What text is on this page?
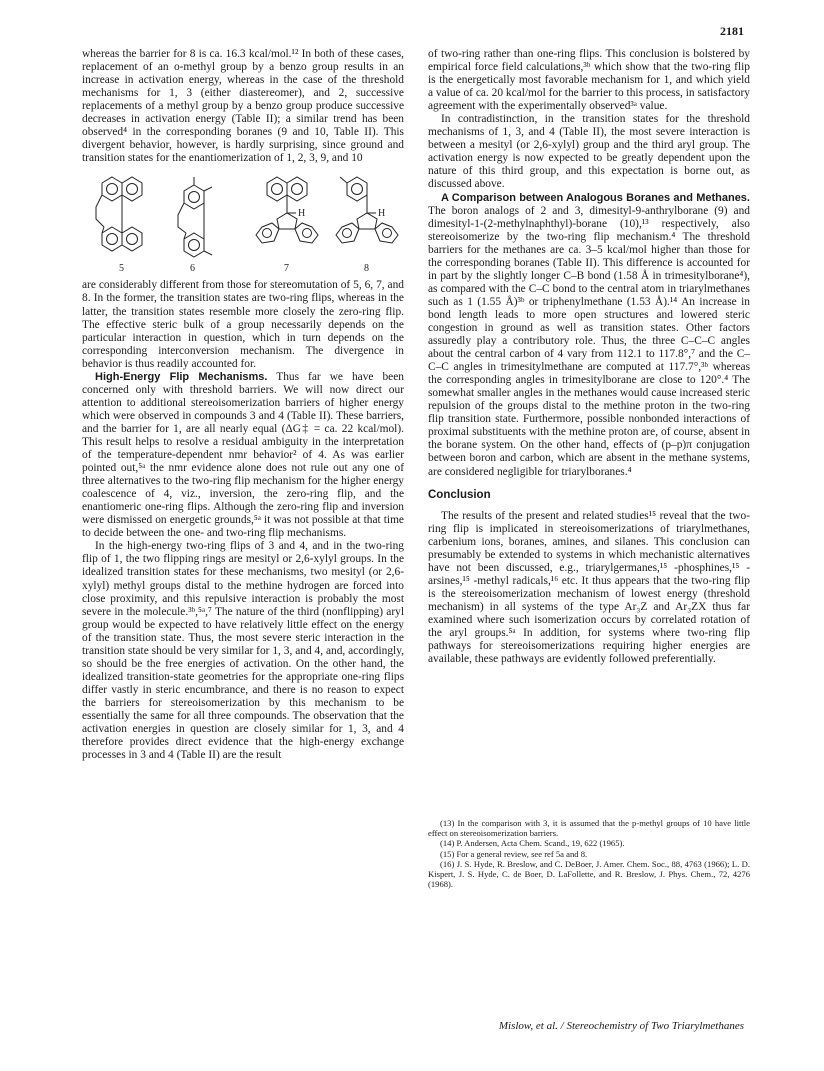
2181

whereas the barrier for 8 is ca. 16.3 kcal/mol.¹² In both of these cases, replacement of an o-methyl group by a benzo group results in an increase in activation energy, whereas in the case of the threshold mechanisms for 1, 3 (either diastereomer), and 2, successive replacements of a methyl group by a benzo group produce successive decreases in activation energy (Table II); a similar trend has been observed⁴ in the corresponding boranes (9 and 10, Table II). This divergent behavior, however, is hardly surprising, since ground and transition states for the enantiomerization of 1, 2, 3, 9, and 10

H	H
5	6	7	8

are considerably different from those for stereomutation of 5, 6, 7, and 8. In the former, the transition states are two-ring flips, whereas in the latter, the transition states resemble more closely the zero-ring flip. The effective steric bulk of a group necessarily depends on the particular interaction in question, which in turn depends on the corresponding interconversion mechanism. The divergence in behavior is thus readily accounted for.

High-Energy Flip Mechanisms. Thus far we have been concerned only with threshold barriers. We will now direct our attention to additional stereoisomerization barriers of higher energy which were observed in compounds 3 and 4 (Table II). These barriers, and the barrier for 1, are all nearly equal (ΔG‡ = ca. 22 kcal/mol). This result helps to resolve a residual ambiguity in the interpretation of the temperature-dependent nmr behavior² of 4. As was earlier pointed out,⁵ᵃ the nmr evidence alone does not rule out any one of three alternatives to the two-ring flip mechanism for the higher energy coalescence of 4, viz., inversion, the zero-ring flip, and the enantiomeric one-ring flips. Although the zero-ring flip and inversion were dismissed on energetic grounds,⁵ᵃ it was not possible at that time to decide between the one- and two-ring flip mechanisms.

In the high-energy two-ring flips of 3 and 4, and in the two-ring flip of 1, the two flipping rings are mesityl or 2,6-xylyl groups. In the idealized transition states for these mechanisms, two mesityl (or 2,6-xylyl) methyl groups distal to the methine hydrogen are forced into close proximity, and this repulsive interaction is probably the most severe in the molecule.³ᵇ,⁵ᵃ,⁷ The nature of the third (nonflipping) aryl group would be expected to have relatively little effect on the energy of the transition state. Thus, the most severe steric interaction in the transition state should be very similar for 1, 3, and 4, and, accordingly, so should be the free energies of activation. On the other hand, the idealized transition-state geometries for the appropriate one-ring flips differ vastly in steric encumbrance, and there is no reason to expect the barriers for stereoisomerization by this mechanism to be essentially the same for all three compounds. The observation that the activation energies in question are closely similar for 1, 3, and 4 therefore provides direct evidence that the high-energy exchange processes in 3 and 4 (Table II) are the result

of two-ring rather than one-ring flips. This conclusion is bolstered by empirical force field calculations,³ᵇ which show that the two-ring flip is the energetically most favorable mechanism for 1, and which yield a value of ca. 20 kcal/mol for the barrier to this process, in satisfactory agreement with the experimentally observed³ᵃ value.

In contradistinction, in the transition states for the threshold mechanisms of 1, 3, and 4 (Table II), the most severe interaction is between a mesityl (or 2,6-xylyl) group and the third aryl group. The activation energy is now expected to be greatly dependent upon the nature of this third group, and this expectation is borne out, as discussed above.

A Comparison between Analogous Boranes and Methanes. The boron analogs of 2 and 3, dimesityl-9-anthrylborane (9) and dimesityl-1-(2-methylnaphthyl)-borane (10),¹³ respectively, also stereoisomerize by the two-ring flip mechanism.⁴ The threshold barriers for the methanes are ca. 3–5 kcal/mol higher than those for the corresponding boranes (Table II). This difference is accounted for in part by the slightly longer C–B bond (1.58 Å in trimesitylborane⁴), as compared with the C–C bond to the central atom in triarylmethanes such as 1 (1.55 Å)³ᵇ or triphenylmethane (1.53 Å).¹⁴ An increase in bond length leads to more open structures and lowered steric congestion in ground as well as transition states. Other factors assuredly play a contributory role. Thus, the three C–C–C angles about the central carbon of 4 vary from 112.1 to 117.8°,⁷ and the C–C–C angles in trimesitylmethane are computed at 117.7°,³ᵇ whereas the corresponding angles in trimesitylborane are close to 120°.⁴ The somewhat smaller angles in the methanes would cause increased steric repulsion of the groups distal to the methine proton in the two-ring flip transition state. Furthermore, possible nonbonded interactions of proximal substituents with the methine proton are, of course, absent in the borane system. On the other hand, effects of (p–p)π conjugation between boron and carbon, which are absent in the methane systems, are considered negligible for triarylboranes.⁴

Conclusion

The results of the present and related studies¹⁵ reveal that the two-ring flip is implicated in stereoisomerizations of triarylmethanes, carbenium ions, boranes, amines, and silanes. This conclusion can presumably be extended to systems in which mechanistic alternatives have not been discussed, e.g., triarylgermanes,¹⁵ -phosphines,¹⁵ -arsines,¹⁵ -methyl radicals,¹⁶ etc. It thus appears that the two-ring flip is the stereoisomerization mechanism of lowest energy (threshold mechanism) in all systems of the type Ar₃Z and Ar₃ZX thus far examined where such isomerization occurs by correlated rotation of the aryl groups.⁵ᵃ In addition, for systems where two-ring flip pathways for stereoisomerizations requiring higher energies are available, these pathways are evidently followed preferentially.

(13) In the comparison with 3, it is assumed that the p-methyl groups of 10 have little effect on stereoisomerization barriers.

(14) P. Andersen, Acta Chem. Scand., 19, 622 (1965).

(15) For a general review, see ref 5a and 8.

(16) J. S. Hyde, R. Breslow, and C. DeBoer, J. Amer. Chem. Soc., 88, 4763 (1966); L. D. Kispert, J. S. Hyde, C. de Boer, D. LaFollette, and R. Breslow, J. Phys. Chem., 72, 4276 (1968).

Mislow, et al. / Stereochemistry of Two Triarylmethanes
